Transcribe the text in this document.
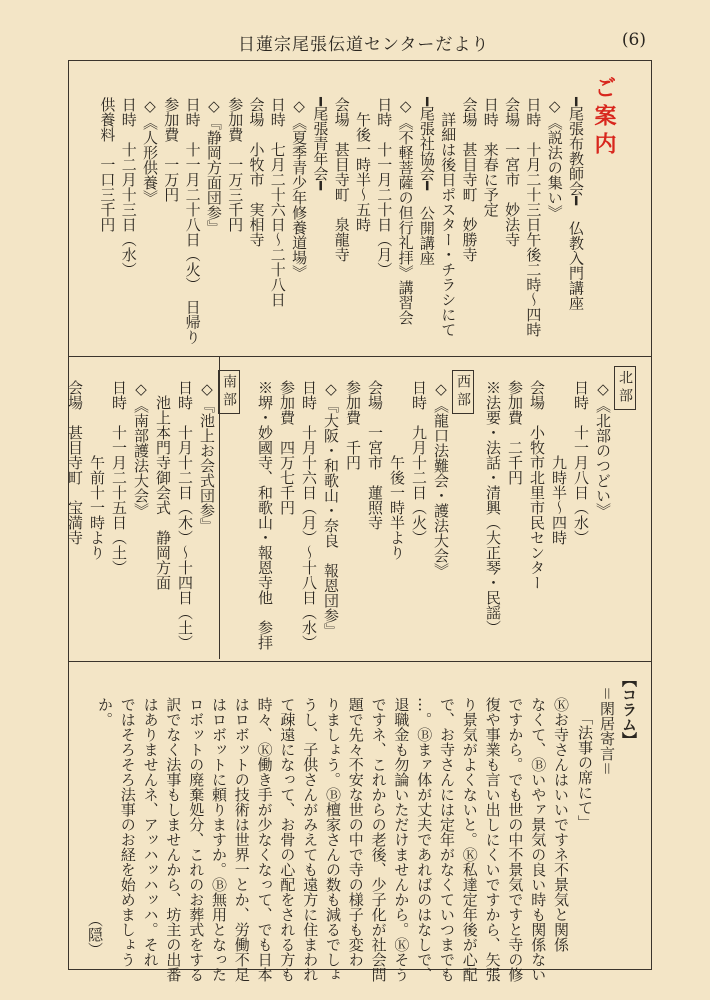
日蓮宗尾張伝道センターだより	(6)
ご案内
━尾張布教師会━　仏教入門講座
◇《説法の集い》
日時　十月二十三日午後二時～四時
会場　一宮市　妙法寺
日時　来春に予定
会場　甚目寺町　妙勝寺
　詳細は後日ポスター・チラシにて
━尾張社協会━　公開講座
◇《不軽菩薩の但行礼拝》講習会
日時　十一月二十日（月）
　午後一時半～五時
会場　甚目寺町　泉龍寺
━尾張青年会━
◇《夏季青少年修養道場》
日時　七月二十六日～二十八日
会場　小牧市　実相寺
参加費　一万三千円
◇『静岡方面団参』
日時　十一月二十八日（火）　日帰り
参加費　一万円
◇《人形供養》
日時　十二月十三日（水）
供養料　一口三千円
北部
西部
南部	◇《北部のつどい》
日時　十一月八日（水）
　　　　　九時半～四時
会場　小牧市北里市民センター
参加費　二千円
※法要・法話・清興（大正琴・民謡）
◇《龍口法難会・護法大会》
日時　九月十二日（火）
　　　　　午後一時半より
会場　一宮市　蓮照寺
参加費　千円
◇『大阪・和歌山・奈良　報恩団参』
日時　十月十六日（月）～十八日（水）
参加費　四万七千円
※堺・妙國寺、和歌山・報恩寺他　参拝
◇『池上お会式団参』
日時　十月十二日（木）～十四日（土）
　池上本門寺御会式　静岡方面
◇《南部護法大会》
日時　十一月二十五日（土）
　　　　　午前十一時より
会場　甚目寺町　宝満寺
【コラム】
＝閑居寄言＝
「法事の席にて」
Ⓚお寺さんはいいですネ不景気と関係
なくて、Ⓑいやァ景気の良い時も関係ない
ですから。でも世の中不景気ですと寺の修
復や事業も言い出しにくいですから、矢張
り景気がよくないと。Ⓚ私達定年後が心配
で、お寺さんには定年がなくていつまでも
…。Ⓑまァ体が丈夫であればのはなしで、
退職金も勿論いただけませんから。Ⓚそう
ですネ、これからの老後、少子化が社会問
題で先々不安な世の中で寺の様子も変わ
りましょう。Ⓑ檀家さんの数も減るでしょ
うし、子供さんがみえても遠方に住まわれ
て疎遠になって、お骨の心配をされる方も
時々、Ⓚ働き手が少なくなって、でも日本
はロボットの技術は世界一とか、労働不足
はロボットに頼りますか。Ⓑ無用となった
ロボットの廃棄処分、これのお葬式をする
訳でなく法事もしませんから、坊主の出番
はありませんネ、アッハッハッハ。それ
ではそろそろ法事のお経を始めましょう
か。
（隠）
